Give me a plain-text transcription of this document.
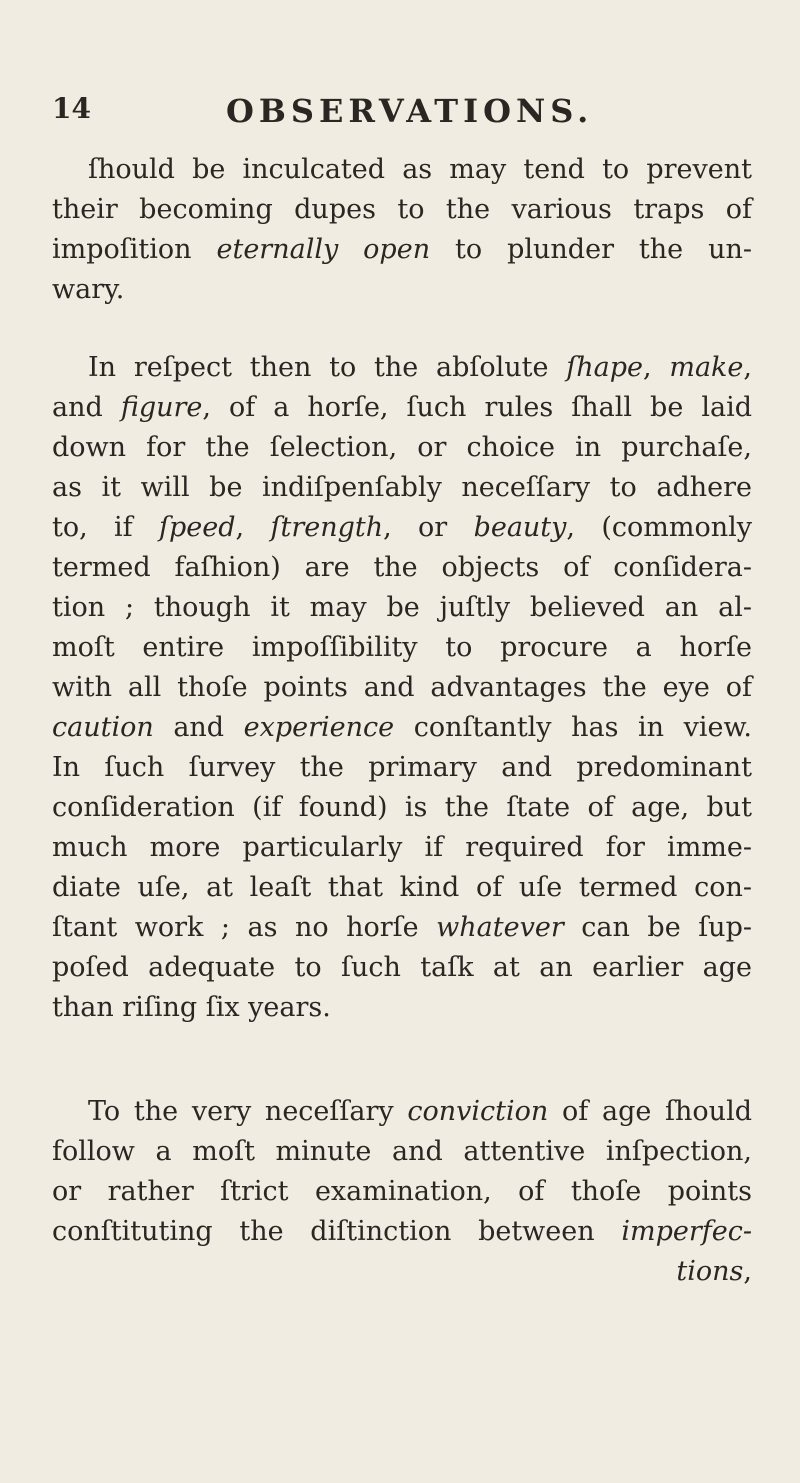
14	OBSERVATIONS.
ſhould be inculcated as may tend to prevent
their becoming dupes to the various traps of
impoſition eternally open to plunder the un-
wary.
In reſpect then to the abſolute ſhape, make,
and figure, of a horſe, ſuch rules ſhall be laid
down for the ſelection, or choice in purchaſe,
as it will be indiſpenſably neceſſary to adhere
to, if ſpeed, ſtrength, or beauty, (commonly
termed faſhion) are the objects of conſidera-
tion ; though it may be juſtly believed an al-
moſt entire impoſſibility to procure a horſe
with all thoſe points and advantages the eye of
caution and experience conſtantly has in view.
In ſuch ſurvey the primary and predominant
conſideration (if found) is the ſtate of age, but
much more particularly if required for imme-
diate uſe, at leaſt that kind of uſe termed con-
ſtant work ; as no horſe whatever can be ſup-
poſed adequate to ſuch taſk at an earlier age
than riſing ſix years.
To the very neceſſary conviction of age ſhould
follow a moſt minute and attentive inſpection,
or rather ſtrict examination, of thoſe points
conſtituting the diſtinction between imperfec-
tions,
